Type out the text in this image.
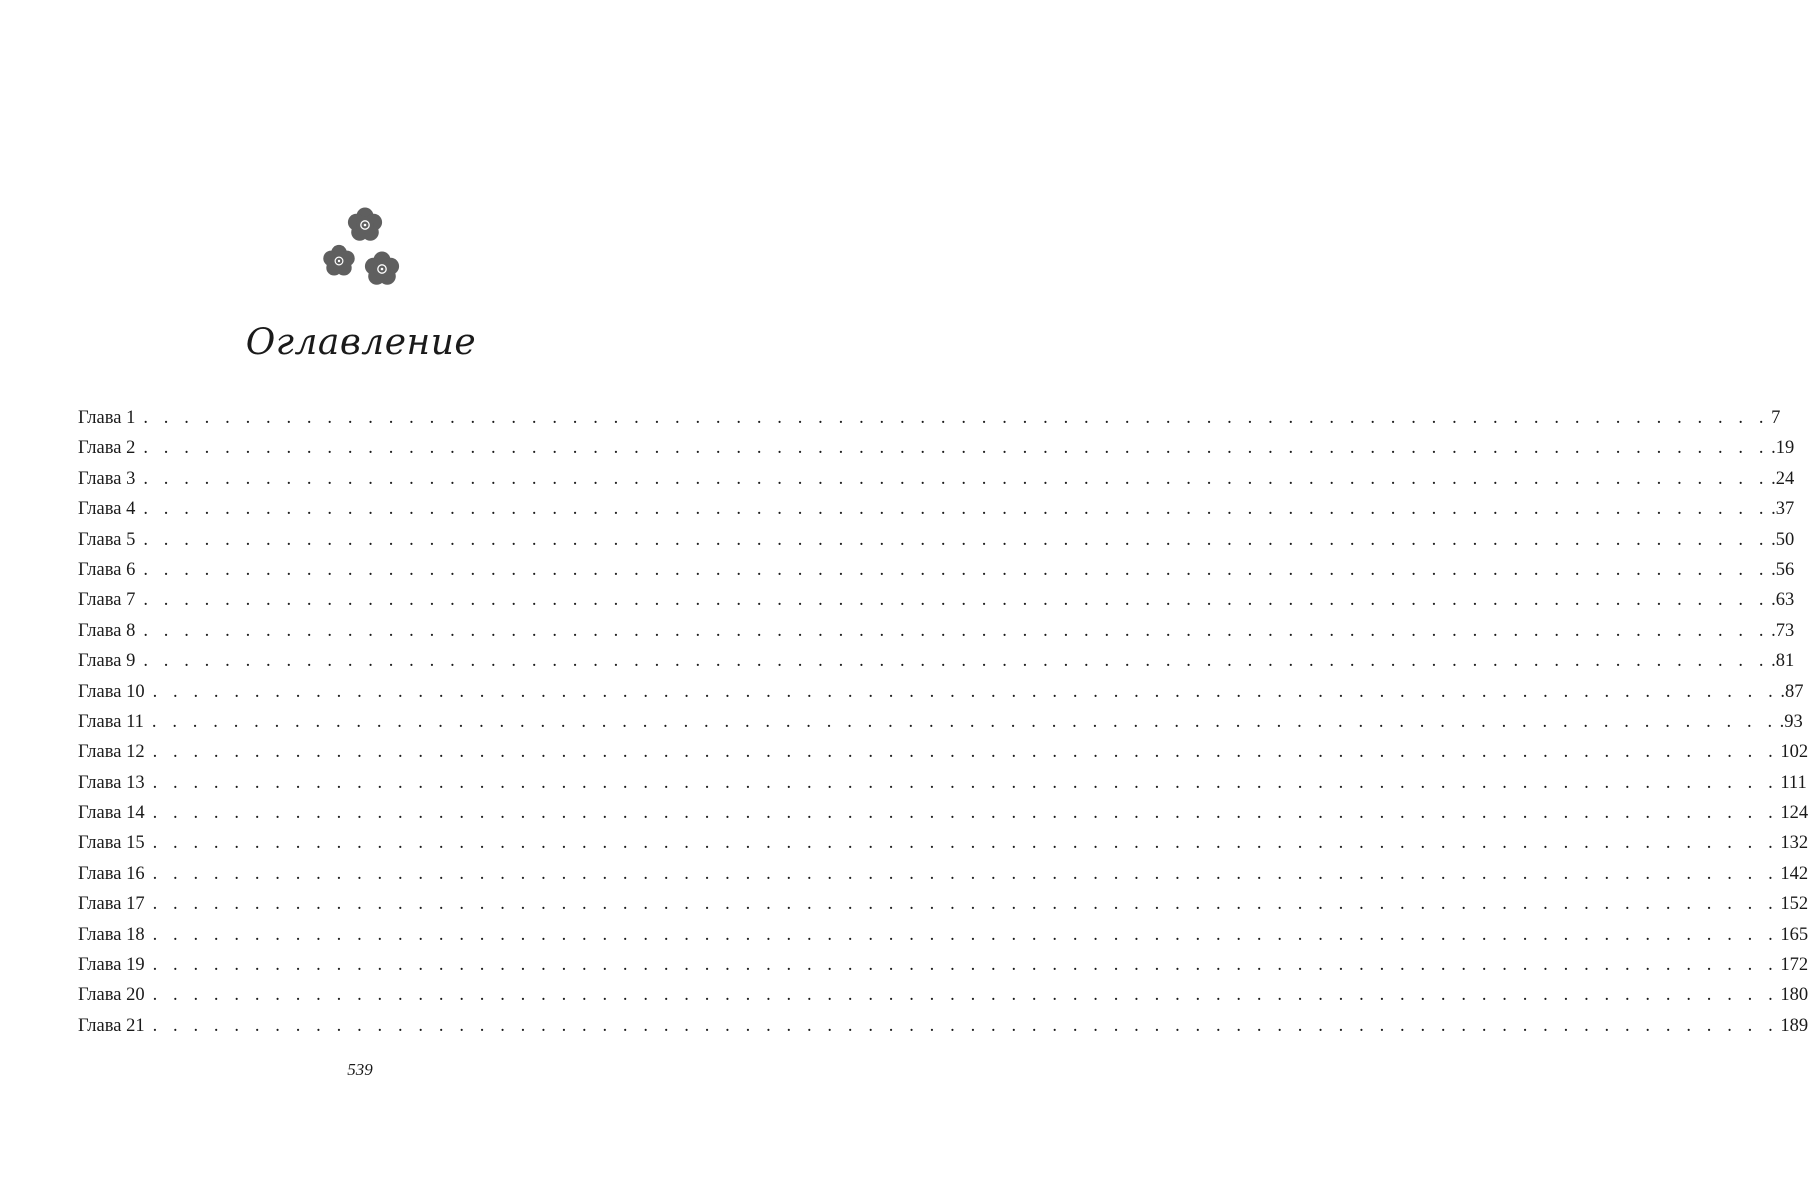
Оглавление
Глава 1 . . . . . . . . . . . . . . . . . . . . . . . . . . . . . . . . . . . . . . . . . . . . . . . . . . . . . . . . . . . . . . . . . . . . . . . . . . . . . . . . 7
Глава 2 . . . . . . . . . . . . . . . . . . . . . . . . . . . . . . . . . . . . . . . . . . . . . . . . . . . . . . . . . . . . . . . . . . . . . . . . . . . . . . . . .19
Глава 3 . . . . . . . . . . . . . . . . . . . . . . . . . . . . . . . . . . . . . . . . . . . . . . . . . . . . . . . . . . . . . . . . . . . . . . . . . . . . . . . . .24
Глава 4 . . . . . . . . . . . . . . . . . . . . . . . . . . . . . . . . . . . . . . . . . . . . . . . . . . . . . . . . . . . . . . . . . . . . . . . . . . . . . . . . .37
Глава 5 . . . . . . . . . . . . . . . . . . . . . . . . . . . . . . . . . . . . . . . . . . . . . . . . . . . . . . . . . . . . . . . . . . . . . . . . . . . . . . . . .50
Глава 6 . . . . . . . . . . . . . . . . . . . . . . . . . . . . . . . . . . . . . . . . . . . . . . . . . . . . . . . . . . . . . . . . . . . . . . . . . . . . . . . . .56
Глава 7 . . . . . . . . . . . . . . . . . . . . . . . . . . . . . . . . . . . . . . . . . . . . . . . . . . . . . . . . . . . . . . . . . . . . . . . . . . . . . . . . .63
Глава 8 . . . . . . . . . . . . . . . . . . . . . . . . . . . . . . . . . . . . . . . . . . . . . . . . . . . . . . . . . . . . . . . . . . . . . . . . . . . . . . . . .73
Глава 9 . . . . . . . . . . . . . . . . . . . . . . . . . . . . . . . . . . . . . . . . . . . . . . . . . . . . . . . . . . . . . . . . . . . . . . . . . . . . . . . . .81
Глава 10 . . . . . . . . . . . . . . . . . . . . . . . . . . . . . . . . . . . . . . . . . . . . . . . . . . . . . . . . . . . . . . . . . . . . . . . . . . . . . . . . .87
Глава 11 . . . . . . . . . . . . . . . . . . . . . . . . . . . . . . . . . . . . . . . . . . . . . . . . . . . . . . . . . . . . . . . . . . . . . . . . . . . . . . . . .93
Глава 12 . . . . . . . . . . . . . . . . . . . . . . . . . . . . . . . . . . . . . . . . . . . . . . . . . . . . . . . . . . . . . . . . . . . . . . . . . . . . . . . . 102
Глава 13 . . . . . . . . . . . . . . . . . . . . . . . . . . . . . . . . . . . . . . . . . . . . . . . . . . . . . . . . . . . . . . . . . . . . . . . . . . . . . . . . 111
Глава 14 . . . . . . . . . . . . . . . . . . . . . . . . . . . . . . . . . . . . . . . . . . . . . . . . . . . . . . . . . . . . . . . . . . . . . . . . . . . . . . . . 124
Глава 15 . . . . . . . . . . . . . . . . . . . . . . . . . . . . . . . . . . . . . . . . . . . . . . . . . . . . . . . . . . . . . . . . . . . . . . . . . . . . . . . . 132
Глава 16 . . . . . . . . . . . . . . . . . . . . . . . . . . . . . . . . . . . . . . . . . . . . . . . . . . . . . . . . . . . . . . . . . . . . . . . . . . . . . . . . 142
Глава 17 . . . . . . . . . . . . . . . . . . . . . . . . . . . . . . . . . . . . . . . . . . . . . . . . . . . . . . . . . . . . . . . . . . . . . . . . . . . . . . . . 152
Глава 18 . . . . . . . . . . . . . . . . . . . . . . . . . . . . . . . . . . . . . . . . . . . . . . . . . . . . . . . . . . . . . . . . . . . . . . . . . . . . . . . . 165
Глава 19 . . . . . . . . . . . . . . . . . . . . . . . . . . . . . . . . . . . . . . . . . . . . . . . . . . . . . . . . . . . . . . . . . . . . . . . . . . . . . . . . 172
Глава 20 . . . . . . . . . . . . . . . . . . . . . . . . . . . . . . . . . . . . . . . . . . . . . . . . . . . . . . . . . . . . . . . . . . . . . . . . . . . . . . . . 180
Глава 21 . . . . . . . . . . . . . . . . . . . . . . . . . . . . . . . . . . . . . . . . . . . . . . . . . . . . . . . . . . . . . . . . . . . . . . . . . . . . . . . . 189
539
